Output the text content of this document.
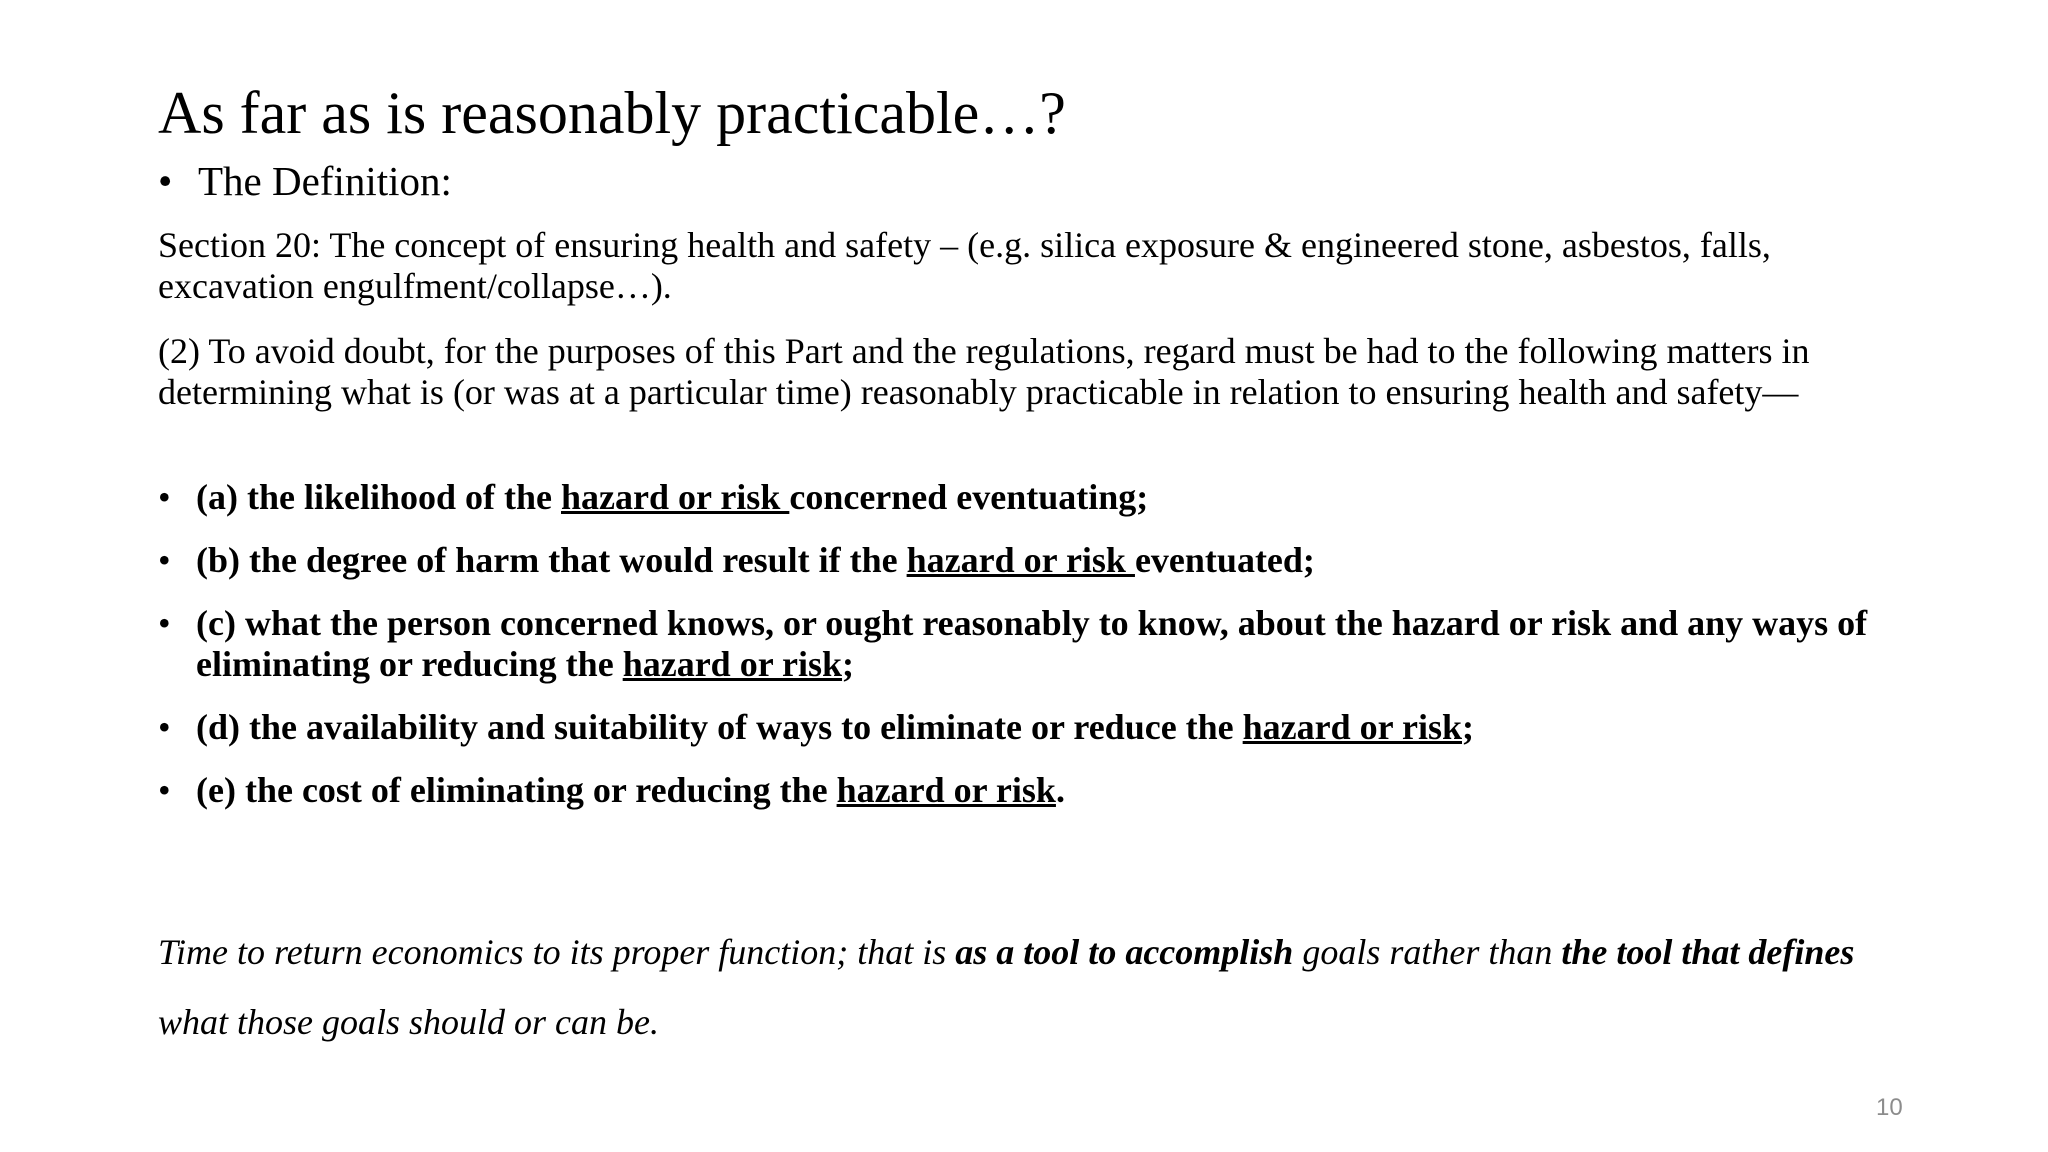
As far as is reasonably practicable…?
• The Definition:
Section 20: The concept of ensuring health and safety – (e.g. silica exposure & engineered stone, asbestos, falls, excavation engulfment/collapse…).
(2) To avoid doubt, for the purposes of this Part and the regulations, regard must be had to the following matters in determining what is (or was at a particular time) reasonably practicable in relation to ensuring health and safety—
• (a) the likelihood of the hazard or risk concerned eventuating;
• (b) the degree of harm that would result if the hazard or risk eventuated;
• (c) what the person concerned knows, or ought reasonably to know, about the hazard or risk and any ways of eliminating or reducing the hazard or risk;
• (d) the availability and suitability of ways to eliminate or reduce the hazard or risk;
• (e) the cost of eliminating or reducing the hazard or risk.
Time to return economics to its proper function; that is as a tool to accomplish goals rather than the tool that defines what those goals should or can be.
10
